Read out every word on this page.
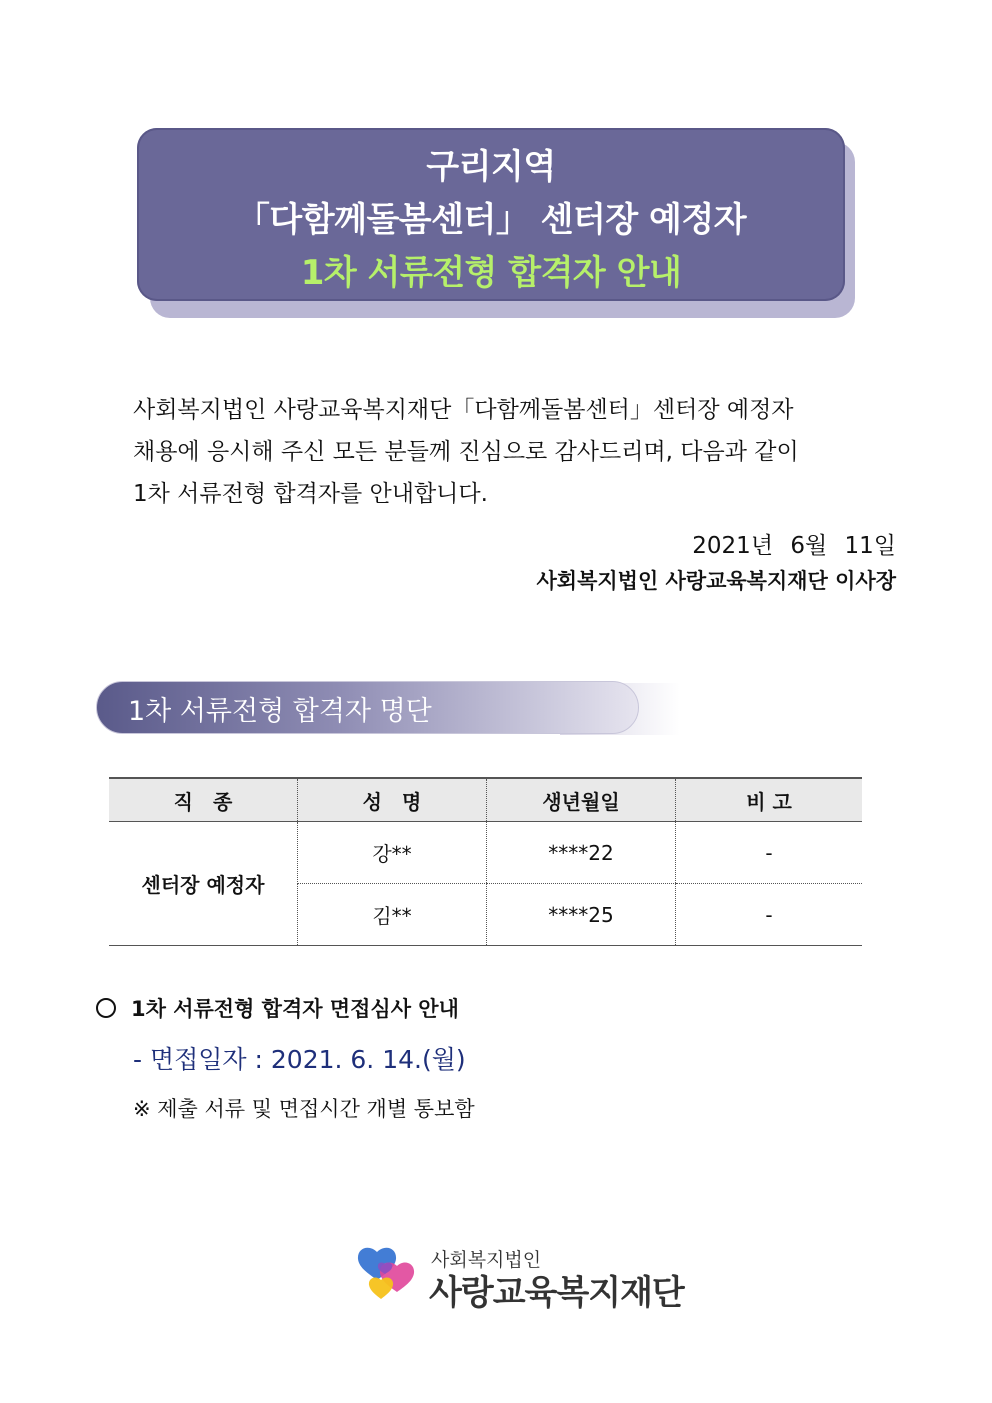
구리지역
「다함께돌봄센터」 센터장 예정자
1차 서류전형 합격자 안내

사회복지법인 사랑교육복지재단「다함께돌봄센터」센터장 예정자

채용에 응시해 주신 모든 분들께 진심으로 감사드리며, 다음과 같이

1차 서류전형 합격자를 안내합니다.

2021년 6월 11일
사회복지법인 사랑교육복지재단 이사장
1차 서류전형 합격자 명단
직　종	성　명	생년월일	비 고
센터장 예정자	강**	****22	-
	김**	****25	-
1차 서류전형 합격자 면접심사 안내
- 면접일자 : 2021. 6. 14.(월)
※ 제출 서류 및 면접시간 개별 통보함
사회복지법인
사랑교육복지재단
